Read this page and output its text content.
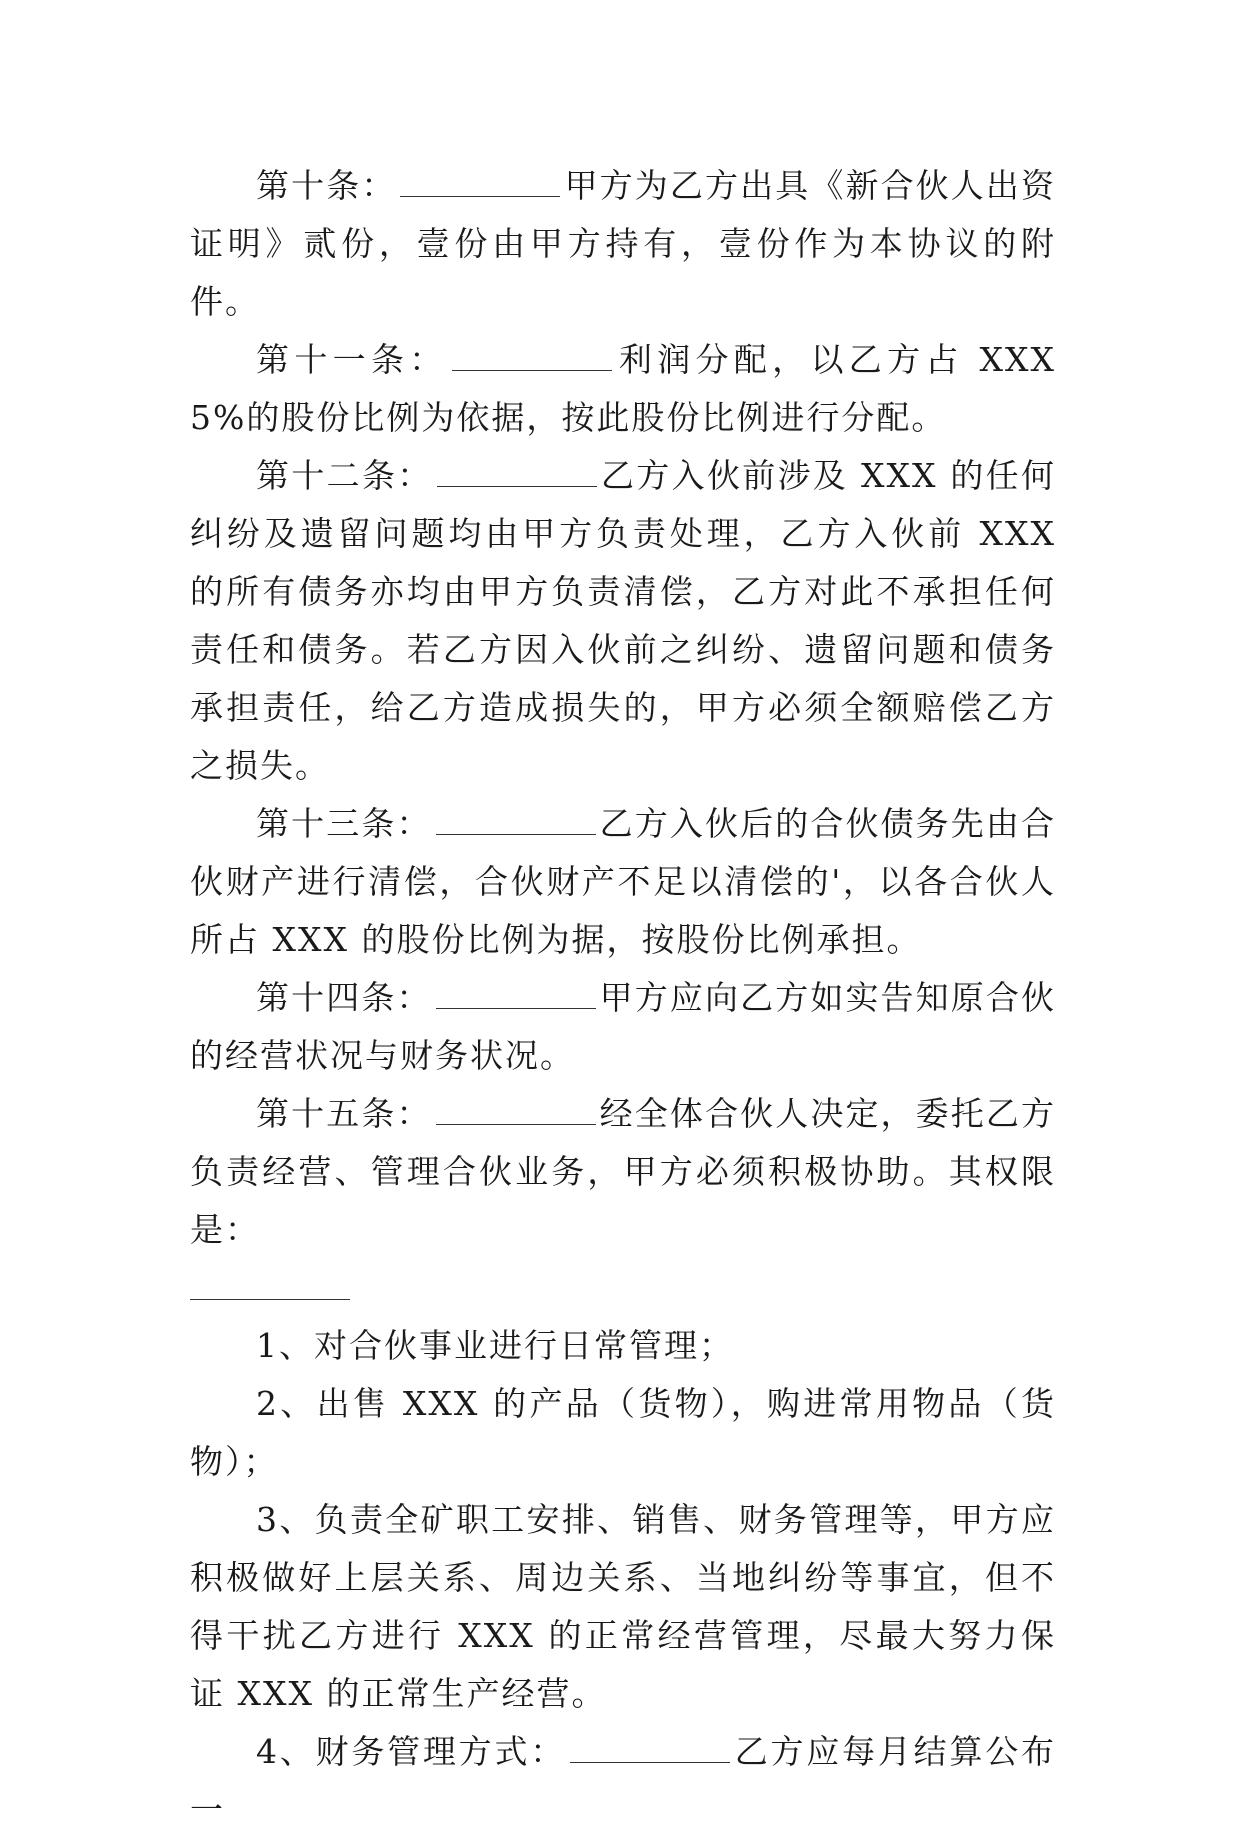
第十条：	甲方为乙方出具《新合伙人出资证明》贰份，壹份由甲方持有，壹份作为本协议的附件。

第十一条：	利润分配，以乙方占 XXX5%的股份比例为依据，按此股份比例进行分配。

第十二条：	乙方入伙前涉及 XXX 的任何纠纷及遗留问题均由甲方负责处理，乙方入伙前 XXX 的所有债务亦均由甲方负责清偿，乙方对此不承担任何责任和债务。若乙方因入伙前之纠纷、遗留问题和债务承担责任，给乙方造成损失的，甲方必须全额赔偿乙方之损失。

第十三条：	乙方入伙后的合伙债务先由合伙财产进行清偿，合伙财产不足以清偿的'，以各合伙人所占 XXX 的股份比例为据，按股份比例承担。

第十四条：	甲方应向乙方如实告知原合伙的经营状况与财务状况。

第十五条：	经全体合伙人决定，委托乙方负责经营、管理合伙业务，甲方必须积极协助。其权限是：

1、对合伙事业进行日常管理；

2、出售 XXX 的产品（货物），购进常用物品（货物）；

3、负责全矿职工安排、销售、财务管理等，甲方应积极做好上层关系、周边关系、当地纠纷等事宜，但不得干扰乙方进行 XXX 的正常经营管理，尽最大努力保证 XXX 的正常生产经营。

4、财务管理方式：	乙方应每月结算公布一
